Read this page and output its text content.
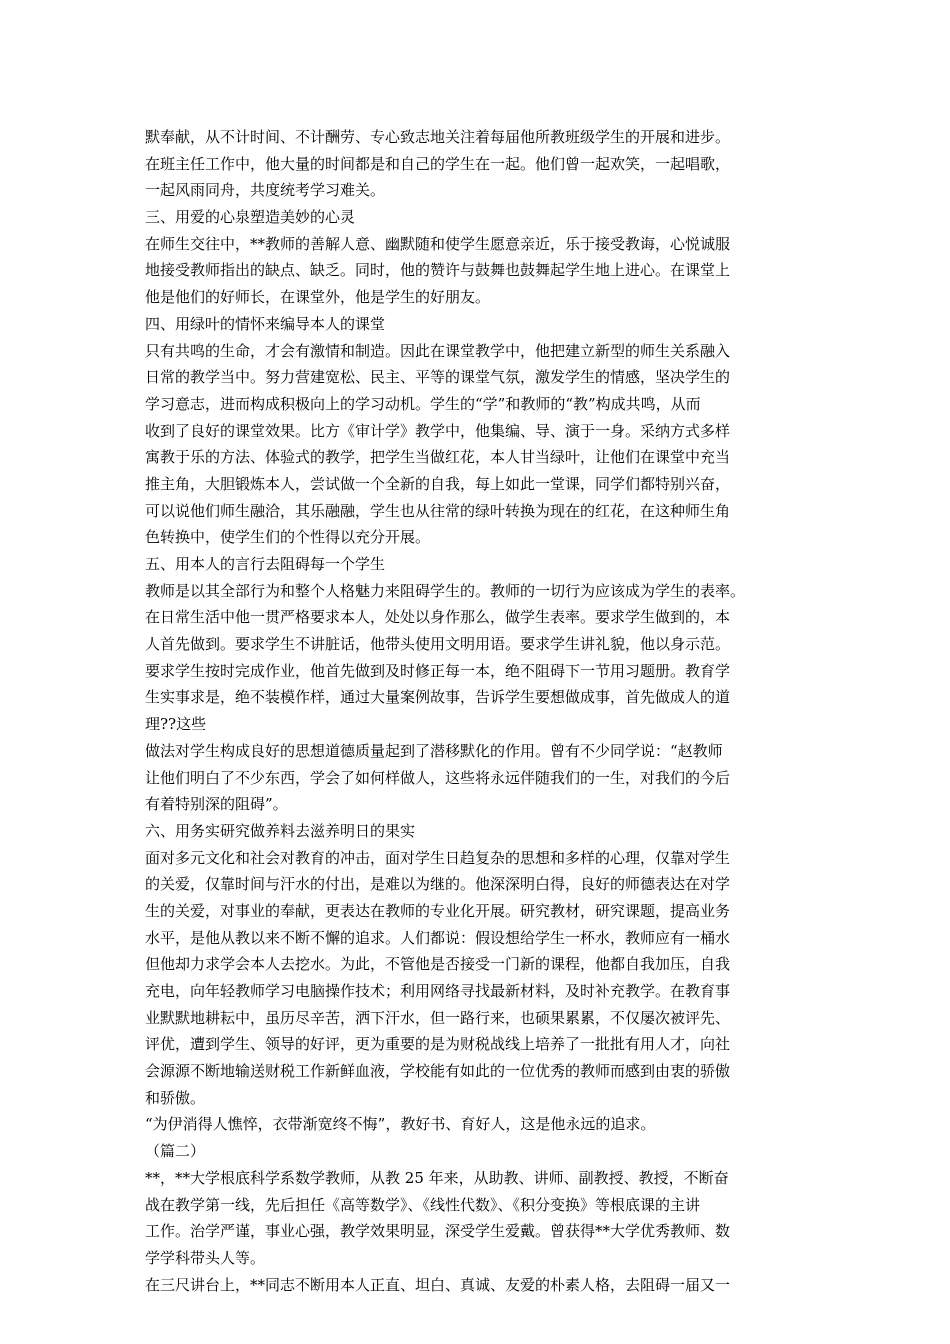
默奉献，从不计时间、不计酬劳、专心致志地关注着每届他所教班级学生的开展和进步。
在班主任工作中，他大量的时间都是和自己的学生在一起。他们曾一起欢笑，一起唱歌，
一起风雨同舟，共度统考学习难关。
三、用爱的心泉塑造美妙的心灵
在师生交往中，**教师的善解人意、幽默随和使学生愿意亲近，乐于接受教诲，心悦诚服
地接受教师指出的缺点、缺乏。同时，他的赞许与鼓舞也鼓舞起学生地上进心。在课堂上
他是他们的好师长，在课堂外，他是学生的好朋友。
四、用绿叶的情怀来编导本人的课堂
只有共鸣的生命，才会有激情和制造。因此在课堂教学中，他把建立新型的师生关系融入
日常的教学当中。努力营建宽松、民主、平等的课堂气氛，激发学生的情感，坚决学生的
学习意志，进而构成积极向上的学习动机。学生的“学”和教师的“教”构成共鸣，从而
收到了良好的课堂效果。比方《审计学》教学中，他集编、导、演于一身。采纳方式多样
寓教于乐的方法、体验式的教学，把学生当做红花，本人甘当绿叶，让他们在课堂中充当
推主角，大胆锻炼本人，尝试做一个全新的自我，每上如此一堂课，同学们都特别兴奋，
可以说他们师生融洽，其乐融融，学生也从往常的绿叶转换为现在的红花，在这种师生角
色转换中，使学生们的个性得以充分开展。
五、用本人的言行去阻碍每一个学生
教师是以其全部行为和整个人格魅力来阻碍学生的。教师的一切行为应该成为学生的表率。
在日常生活中他一贯严格要求本人，处处以身作那么，做学生表率。要求学生做到的，本
人首先做到。要求学生不讲脏话，他带头使用文明用语。要求学生讲礼貌，他以身示范。
要求学生按时完成作业，他首先做到及时修正每一本，绝不阻碍下一节用习题册。教育学
生实事求是，绝不装模作样，通过大量案例故事，告诉学生要想做成事，首先做成人的道
理??这些
做法对学生构成良好的思想道德质量起到了潜移默化的作用。曾有不少同学说：“赵教师
让他们明白了不少东西，学会了如何样做人，这些将永远伴随我们的一生，对我们的今后
有着特别深的阻碍”。
六、用务实研究做养料去滋养明日的果实
面对多元文化和社会对教育的冲击，面对学生日趋复杂的思想和多样的心理，仅靠对学生
的关爱，仅靠时间与汗水的付出，是难以为继的。他深深明白得，良好的师德表达在对学
生的关爱，对事业的奉献，更表达在教师的专业化开展。研究教材，研究课题，提高业务
水平，是他从教以来不断不懈的追求。人们都说：假设想给学生一杯水，教师应有一桶水
但他却力求学会本人去挖水。为此，不管他是否接受一门新的课程，他都自我加压，自我
充电，向年轻教师学习电脑操作技术；利用网络寻找最新材料，及时补充教学。在教育事
业默默地耕耘中，虽历尽辛苦，洒下汗水，但一路行来，也硕果累累，不仅屡次被评先、
评优，遭到学生、领导的好评，更为重要的是为财税战线上培养了一批批有用人才，向社
会源源不断地输送财税工作新鲜血液，学校能有如此的一位优秀的教师而感到由衷的骄傲
和骄傲。
“为伊消得人憔悴，衣带渐宽终不悔”，教好书、育好人，这是他永远的追求。
（篇二）
**，**大学根底科学系数学教师，从教 25 年来，从助教、讲师、副教授、教授，不断奋
战在教学第一线，先后担任《高等数学》、《线性代数》、《积分变换》等根底课的主讲
工作。治学严谨，事业心强，教学效果明显，深受学生爱戴。曾获得**大学优秀教师、数
学学科带头人等。
在三尺讲台上，**同志不断用本人正直、坦白、真诚、友爱的朴素人格，去阻碍一届又一
